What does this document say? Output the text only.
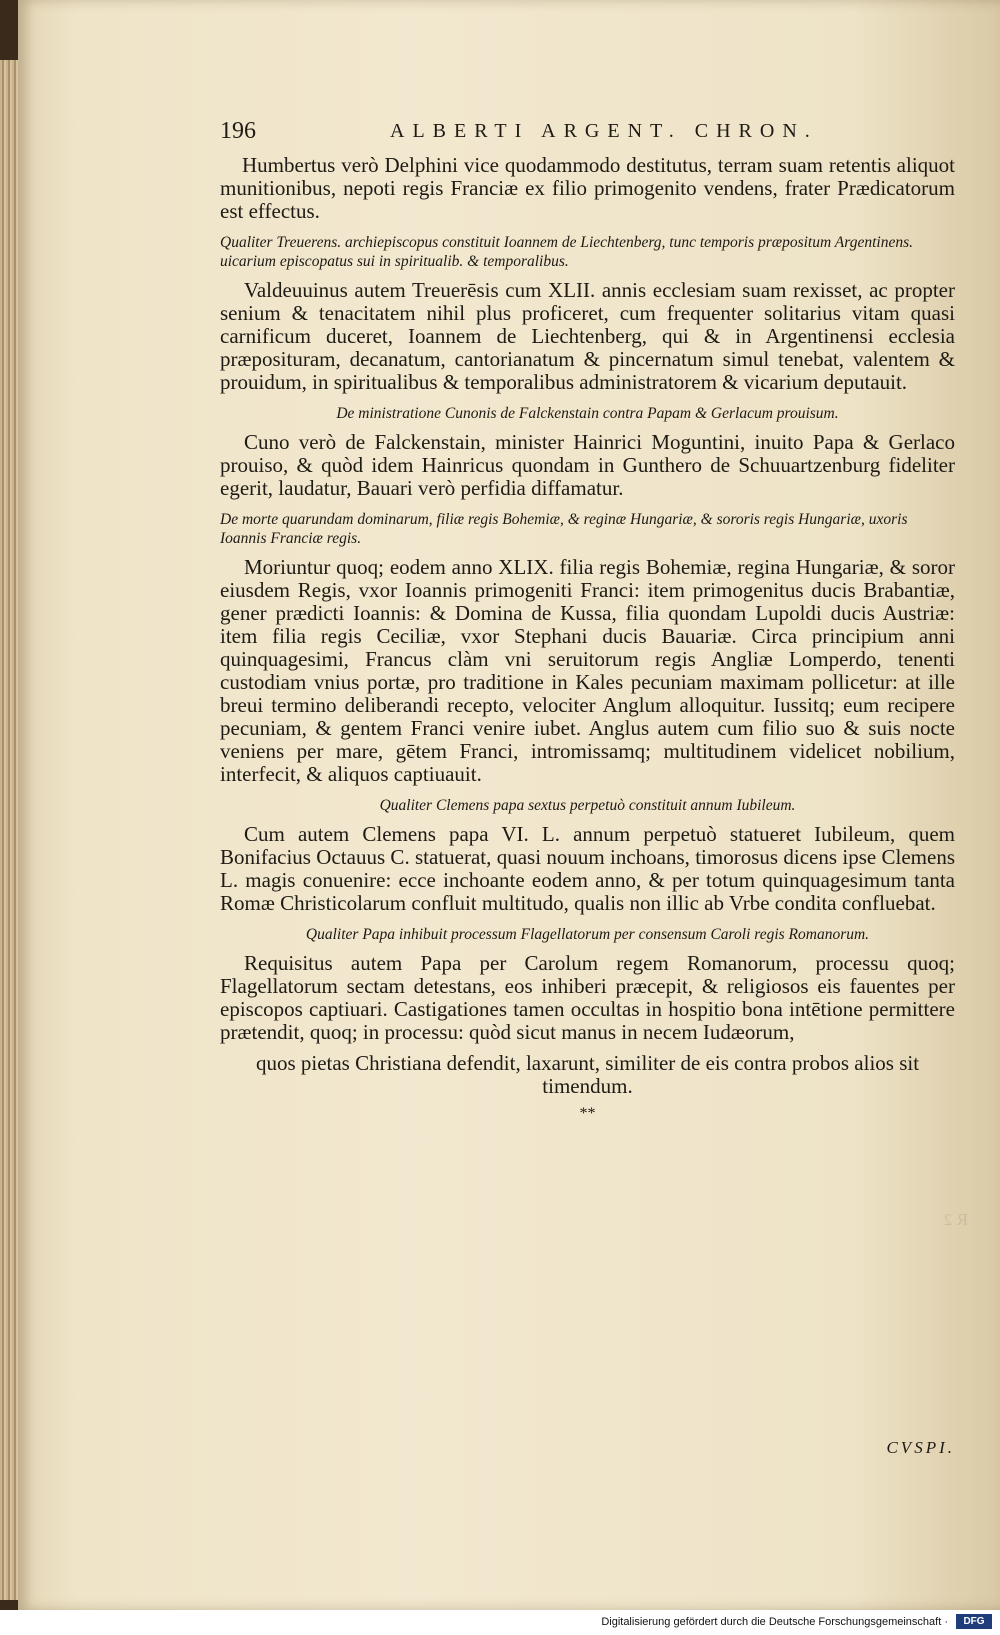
196	ALBERTI ARGENT. CHRON.

Humbertus verò Delphini vice quodammodo destitutus, terram suam retentis aliquot munitionibus, nepoti regis Franciæ ex filio primogenito vendens, frater Prædicatorum est effectus.

Qualiter Treuerens. archiepiscopus constituit Ioannem de Liechtenberg, tunc temporis præpositum Argentinens. uicarium episcopatus sui in spiritualib. & temporalibus.

Valdeuuinus autem Treuerēsis cum XLII. annis ecclesiam suam rexisset, ac propter senium & tenacitatem nihil plus proficeret, cum frequenter solitarius vitam quasi carnificum duceret, Ioannem de Liechtenberg, qui & in Argentinensi ecclesia præposituram, decanatum, cantorianatum & pincernatum simul tenebat, valentem & prouidum, in spiritualibus & temporalibus administratorem & vicarium deputauit.

De ministratione Cunonis de Falckenstain contra Papam & Gerlacum prouisum.

Cuno verò de Falckenstain, minister Hainrici Moguntini, inuito Papa & Gerlaco prouiso, & quòd idem Hainricus quondam in Gunthero de Schuuartzenburg fideliter egerit, laudatur, Bauari verò perfidia diffamatur.

De morte quarundam dominarum, filiæ regis Bohemiæ, & reginæ Hungariæ, & sororis regis Hungariæ, uxoris Ioannis Franciæ regis.

Moriuntur quoq; eodem anno XLIX. filia regis Bohemiæ, regina Hungariæ, & soror eiusdem Regis, vxor Ioannis primogeniti Franci: item primogenitus ducis Brabantiæ, gener prædicti Ioannis: & Domina de Kussa, filia quondam Lupoldi ducis Austriæ: item filia regis Ceciliæ, vxor Stephani ducis Bauariæ. Circa principium anni quinquagesimi, Francus clàm vni seruitorum regis Angliæ Lomperdo, tenenti custodiam vnius portæ, pro traditione in Kales pecuniam maximam pollicetur: at ille breui termino deliberandi recepto, velociter Anglum alloquitur. Iussitq; eum recipere pecuniam, & gentem Franci venire iubet. Anglus autem cum filio suo & suis nocte veniens per mare, gētem Franci, intromissamq; multitudinem videlicet nobilium, interfecit, & aliquos captiuauit.

Qualiter Clemens papa sextus perpetuò constituit annum Iubileum.

Cum autem Clemens papa VI. L. annum perpetuò statueret Iubileum, quem Bonifacius Octauus C. statuerat, quasi nouum inchoans, timorosus dicens ipse Clemens L. magis conuenire: ecce inchoante eodem anno, & per totum quinquagesimum tanta Romæ Christicolarum confluit multitudo, qualis non illic ab Vrbe condita confluebat.

Qualiter Papa inhibuit processum Flagellatorum per consensum Caroli regis Romanorum.

Requisitus autem Papa per Carolum regem Romanorum, processu quoq; Flagellatorum sectam detestans, eos inhiberi præcepit, & religiosos eis fauentes per episcopos captiuari. Castigationes tamen occultas in hospitio bona intētione permittere prætendit, quoq; in processu: quòd sicut manus in necem Iudæorum,

quos pietas Christiana defendit, laxarunt, similiter de eis contra probos alios sit timendum.

**
CVSPI.
R 2
Digitalisierung gefördert durch die Deutsche Forschungsgemeinschaft ·	DFG
